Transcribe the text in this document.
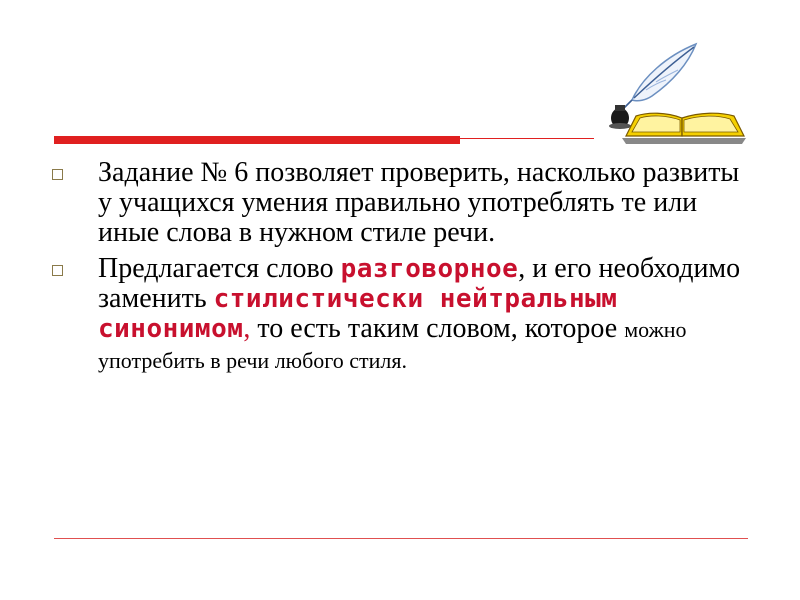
Задание № 6 позволяет проверить, насколько развиты у учащихся умения правильно употреблять те или иные слова в нужном стиле речи.
Предлагается слово разговорное, и его необходимо заменить стилистически нейтральным синонимом, то есть таким словом, которое можно употребить в речи любого стиля.
